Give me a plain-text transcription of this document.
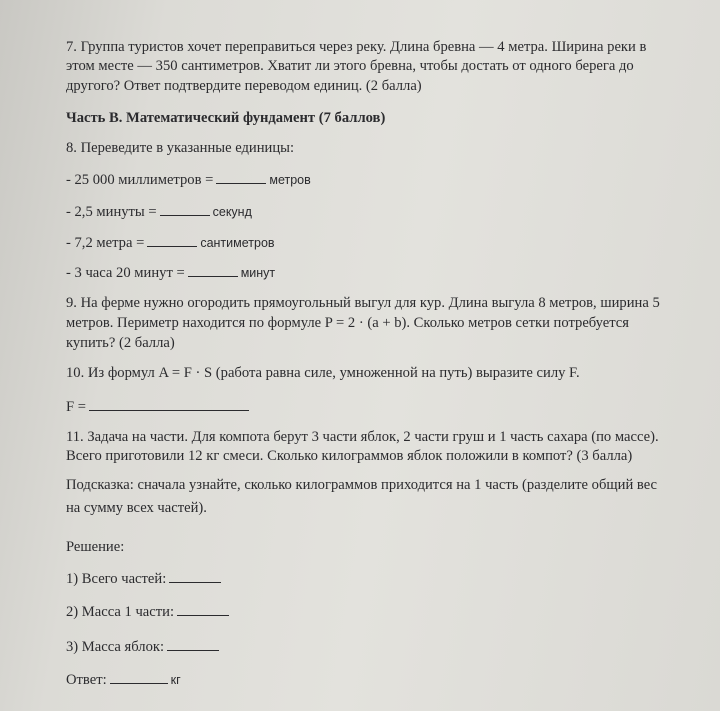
7. Группа туристов хочет переправиться через реку. Длина бревна — 4 метра. Ширина реки в
этом месте — 350 сантиметров. Хватит ли этого бревна, чтобы достать от одного берега до
другого? Ответ подтвердите переводом единиц. (2 балла)
Часть В. Математический фундамент (7 баллов)
8. Переведите в указанные единицы:
- 25 000 миллиметров =	метров
- 2,5 минуты =	секунд
- 7,2 метра =	сантиметров
- 3 часа 20 минут =	минут
9. На ферме нужно огородить прямоугольный выгул для кур. Длина выгула 8 метров, ширина 5
метров. Периметр находится по формуле P = 2 · (a + b). Сколько метров сетки потребуется
купить? (2 балла)
10. Из формул A = F · S (работа равна силе, умноженной на путь) выразите силу F.
F =
11. Задача на части. Для компота берут 3 части яблок, 2 части груш и 1 часть сахара (по массе).
Всего приготовили 12 кг смеси. Сколько килограммов яблок положили в компот? (3 балла)
Подсказка: сначала узнайте, сколько килограммов приходится на 1 часть (разделите общий вес
на сумму всех частей).
Решение:
1) Всего частей:
2) Масса 1 части:
3) Масса яблок:
Ответ:	кг
